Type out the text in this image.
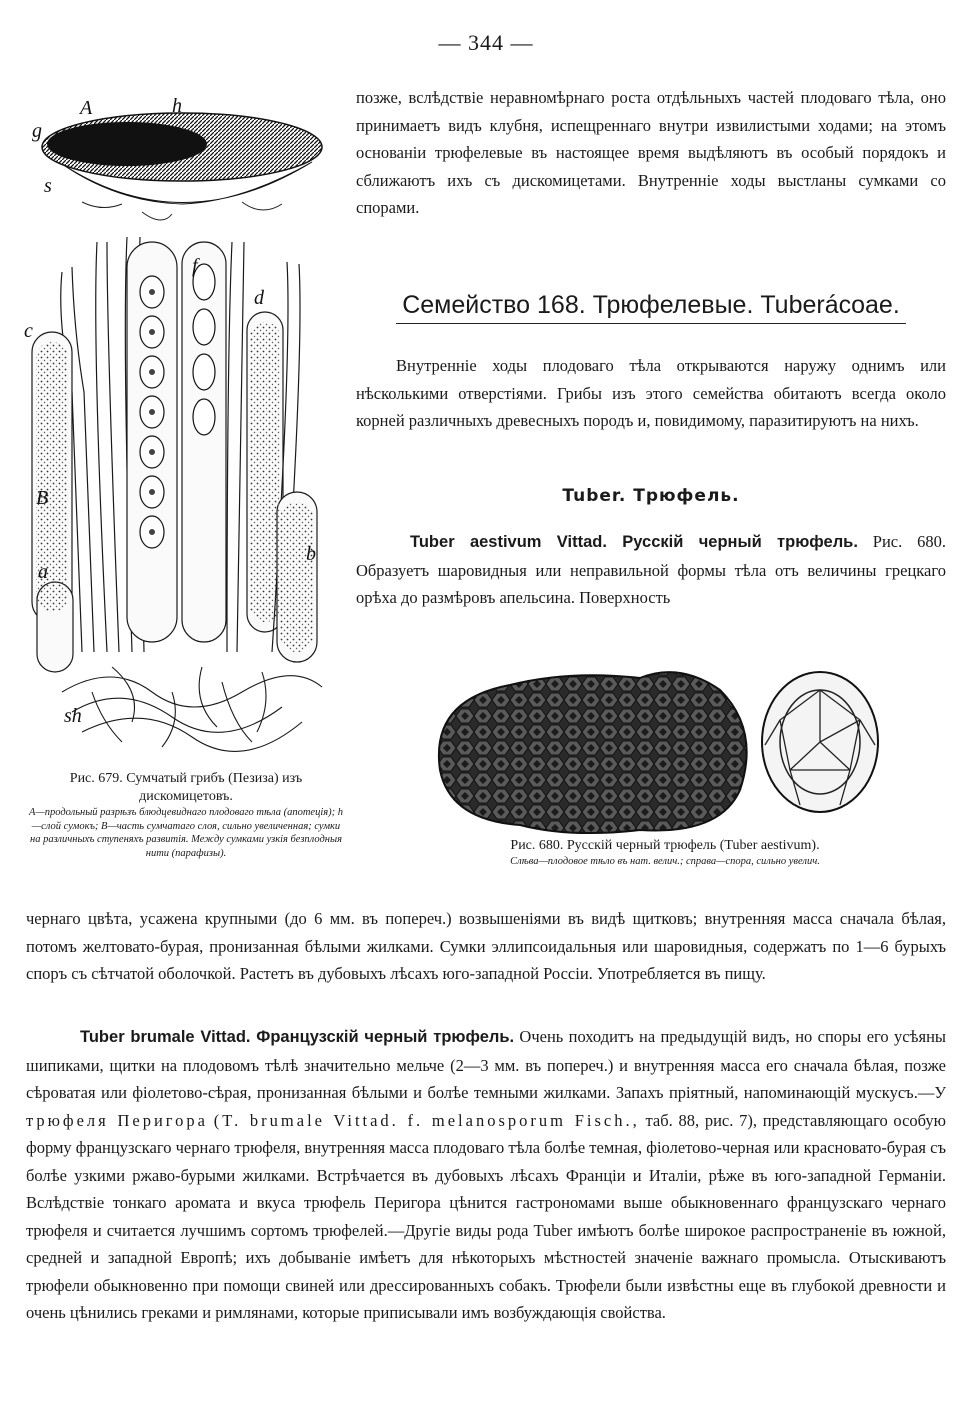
— 344 —
A	h
g
s
B
c
d
f
b
a
sh

позже, вслѣдствіе неравномѣрнаго роста отдѣльныхъ частей плодоваго тѣла, оно принимаетъ видъ клубня, испещреннаго внутри извилистыми ходами; на этомъ основаніи трюфелевые въ настоящее время выдѣляютъ въ особый порядокъ и сближаютъ ихъ съ дискомицетами. Внутренніе ходы выстланы сумками со спорами.

Семейство 168. Трюфелевые. Tuberácoae.

Внутренніе ходы плодоваго тѣла открываются наружу однимъ или нѣсколькими отверстіями. Грибы изъ этого семейства обитаютъ всегда около корней различныхъ древесныхъ породъ и, повидимому, паразитируютъ на нихъ.

Tuber. Трюфель.

Tuber aestivum Vittad. Русскій черный трюфель. Рис. 680. Образуетъ шаровидныя или неправильной формы тѣла отъ величины грецкаго орѣха до размѣровъ апельсина. Поверхность

Рис. 680. Русскій черный трюфель (Tuber aestivum).
Слѣва—плодовое тѣло въ нат. велич.; справа—спора, сильно увелич.
Рис. 679. Сумчатый грибъ (Пезиза) изъ дискомицетовъ.
A—продольный разрѣзъ блюдцевиднаго плодоваго тѣла (апотеція); h—слой сумокъ; B—часть сумчатаго слоя, сильно увеличенная; сумки на различныхъ ступеняхъ развитія. Между сумками узкія безплодныя нити (парафизы).

чернаго цвѣта, усажена крупными (до 6 мм. въ попереч.) возвышеніями въ видѣ щитковъ; внутренняя масса сначала бѣлая, потомъ желтовато-бурая, пронизанная бѣлыми жилками. Сумки эллипсоидальныя или шаровидныя, содержатъ по 1—6 бурыхъ споръ съ сѣтчатой оболочкой. Растетъ въ дубовыхъ лѣсахъ юго-западной Россіи. Употребляется въ пищу.

Tuber brumale Vittad. Французскій черный трюфель. Очень походитъ на предыдущій видъ, но споры его усѣяны шипиками, щитки на плодовомъ тѣлѣ значительно мельче (2—3 мм. въ попереч.) и внутренняя масса его сначала бѣлая, позже сѣроватая или фіолетово-сѣрая, пронизанная бѣлыми и болѣе темными жилками. Запахъ пріятный, напоминающій мускусъ.—У трюфеля Перигора (T. brumale Vittad. f. melanosporum Fisch., таб. 88, рис. 7), представляющаго особую форму французскаго чернаго трюфеля, внутренняя масса плодоваго тѣла болѣе темная, фіолетово-черная или красновато-бурая съ болѣе узкими ржаво-бурыми жилками. Встрѣчается въ дубовыхъ лѣсахъ Франціи и Италіи, рѣже въ юго-западной Германіи. Вслѣдствіе тонкаго аромата и вкуса трюфель Перигора цѣнится гастрономами выше обыкновеннаго французскаго чернаго трюфеля и считается лучшимъ сортомъ трюфелей.—Другіе виды рода Tuber имѣютъ болѣе широкое распространеніе въ южной, средней и западной Европѣ; ихъ добываніе имѣетъ для нѣкоторыхъ мѣстностей значеніе важнаго промысла. Отыскиваютъ трюфели обыкновенно при помощи свиней или дрессированныхъ собакъ. Трюфели были извѣстны еще въ глубокой древности и очень цѣнились греками и римлянами, которые приписывали имъ возбуждающія свойства.
